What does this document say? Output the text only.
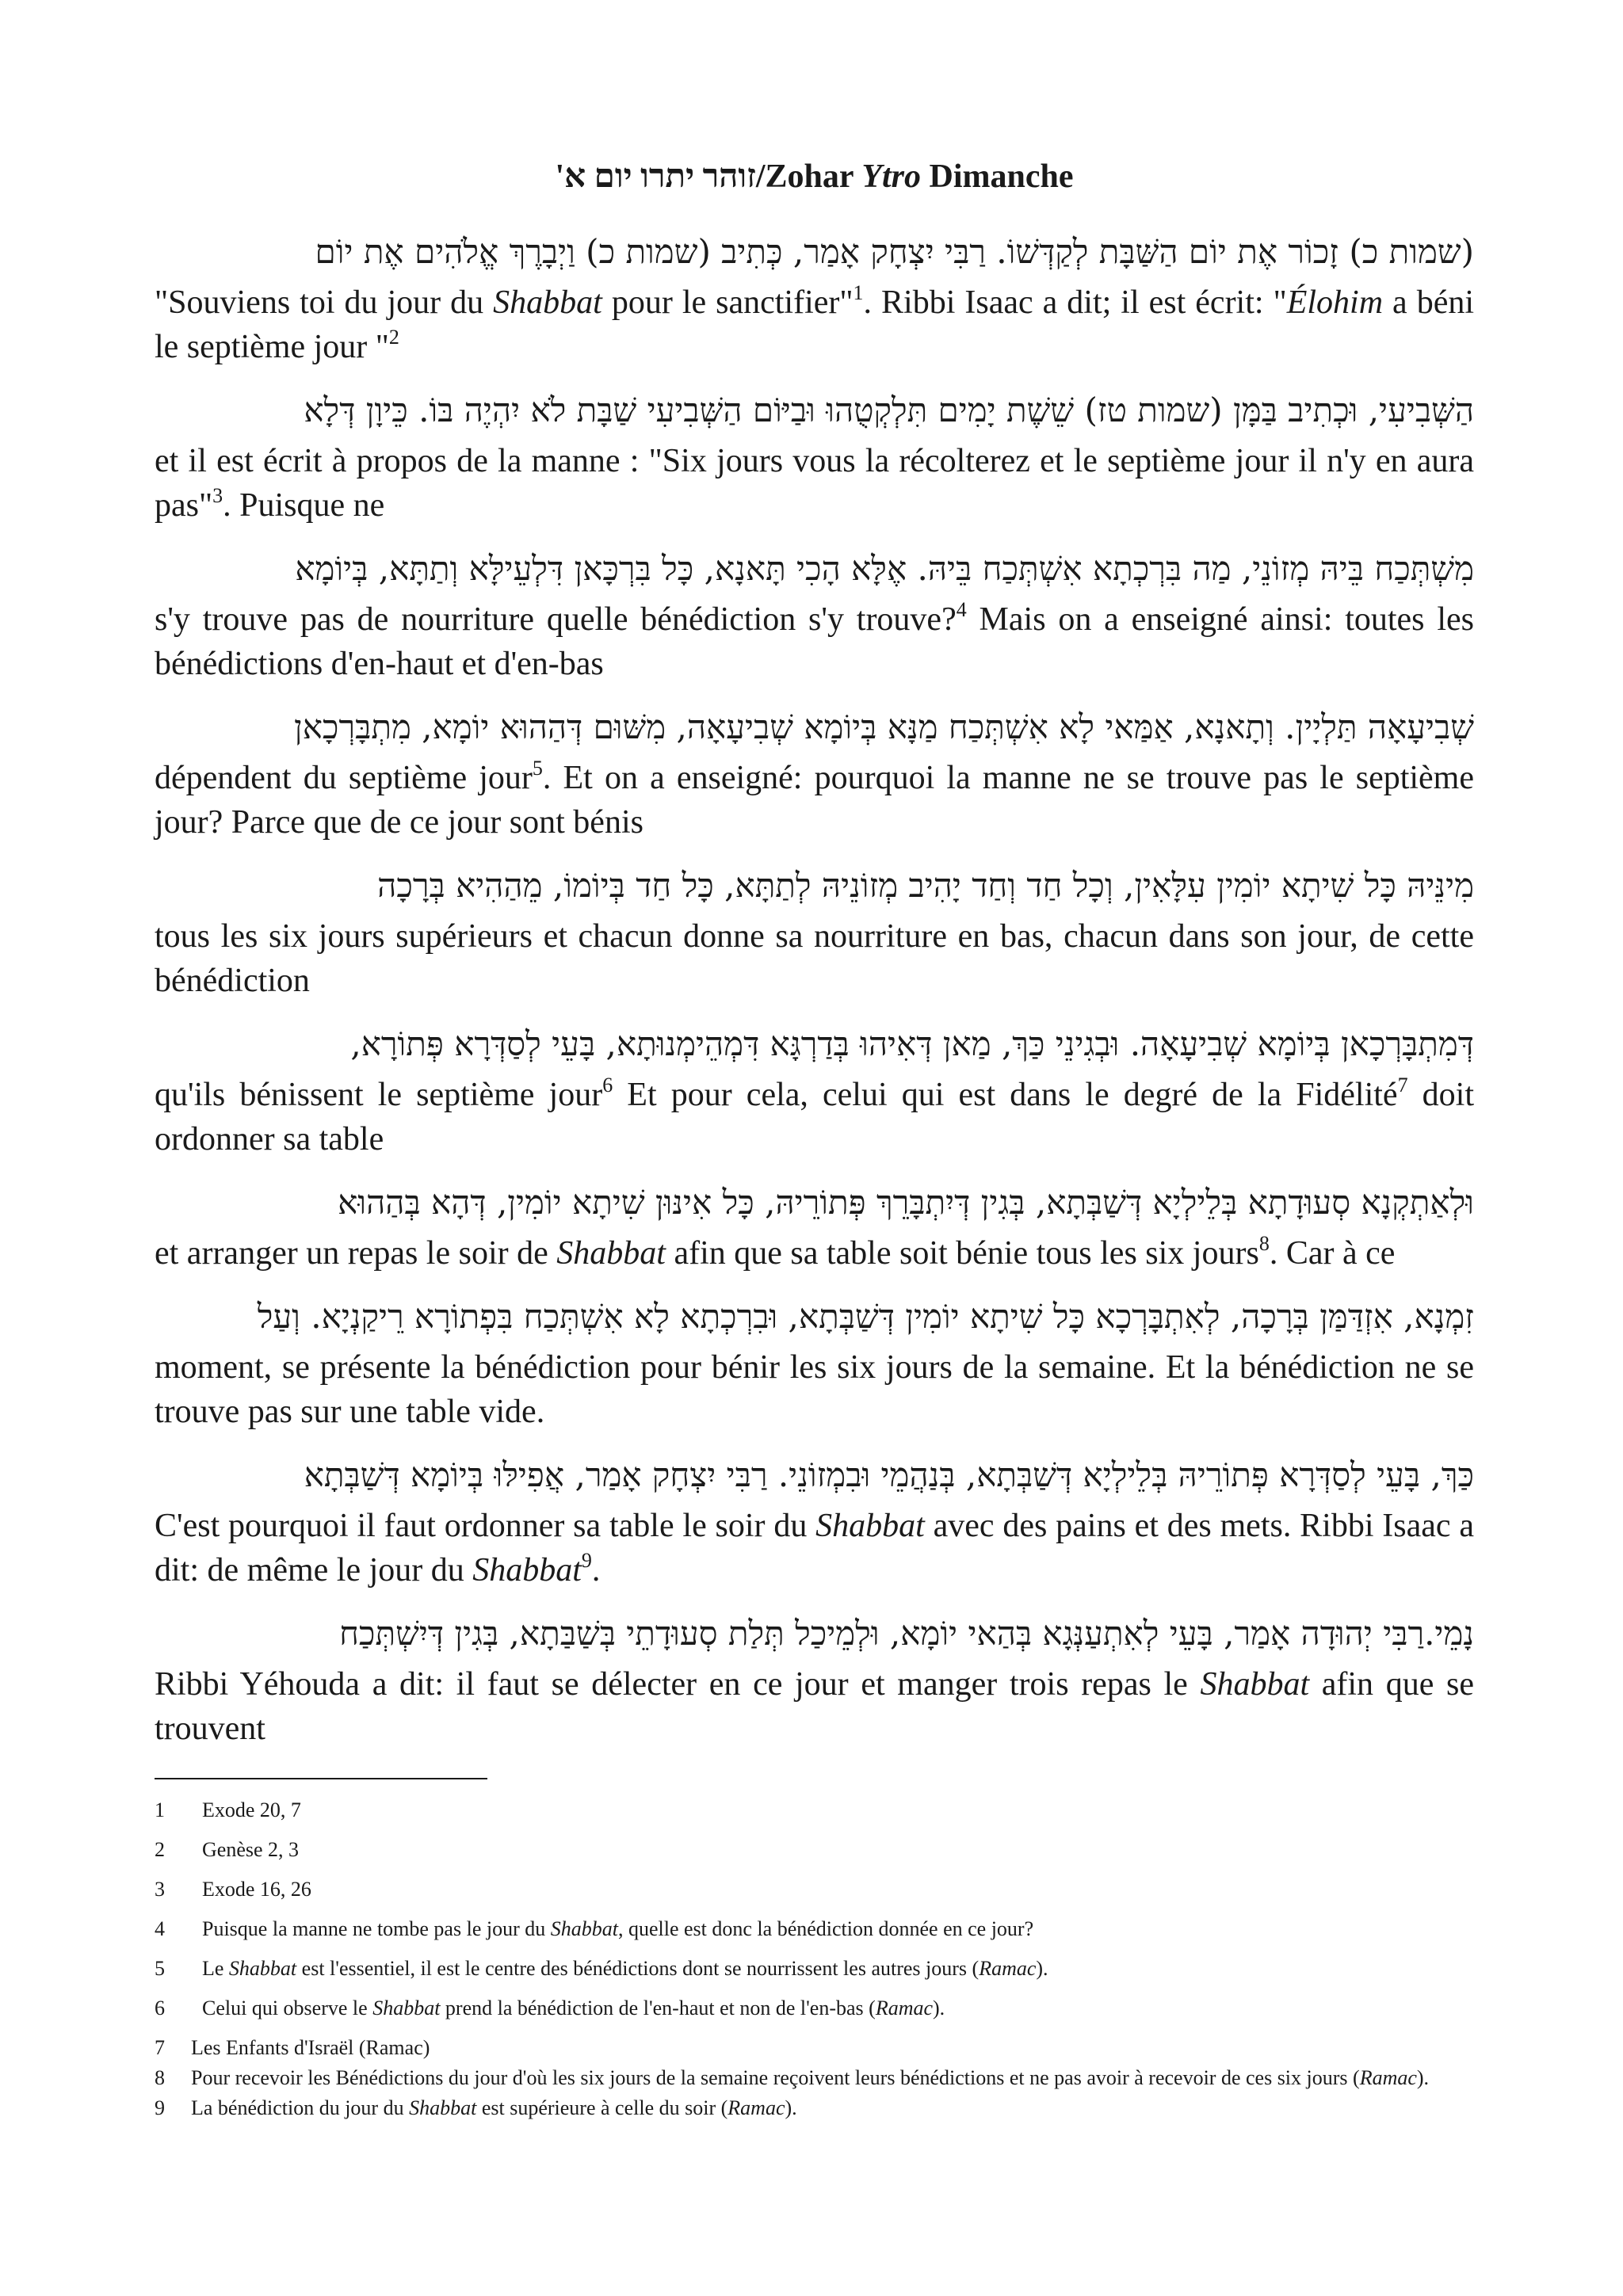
זוהר יתרו יום א'/Zohar Ytro Dimanche
(שמות כ) זָכוֹר אֶת יוֹם הַשַּׁבָּת לְקַדְּשׁוֹ. רַבִּי יִצְחָק אָמַר, כְּתִיב (שמות כ) וַיְבָרֶךְ אֱלֹהִים אֶת יוֹם
"Souviens toi du jour du Shabbat pour le sanctifier"$^1$. Ribbi Isaac a dit; il est écrit: "Élohim a béni le septième jour "$^2$
הַשְּׁבִיעִי, וּכְתִיב בַּמָּן (שמות טז) שֵׁשֶׁת יָמִים תִּלְקְטֻהוּ וּבַיּוֹם הַשְּׁבִיעִי שַׁבָּת לֹא יִהְיֶה בּוֹ. כֵּיוָן דְּלָא
et il est écrit à propos de la manne : "Six jours vous la récolterez et le septième jour il n'y en aura pas"$^3$. Puisque ne
מִשְׁתְּכַח בֵּיהּ מְזוֹנֵי, מַה בִּרְכְתָא אִשְׁתְּכַח בֵּיהּ. אֶלָּא הָכִי תָּאנָא, כָּל בִּרְכָּאן דִּלְעֵילָּא וְתַתָּא, בְּיוֹמָא
s'y trouve pas de nourriture quelle bénédiction s'y trouve?$^4$ Mais on a enseigné ainsi: toutes les bénédictions d'en-haut et d'en-bas
שְׁבִיעָאָה תַּלְיָין. וְתָאנָא, אַמַּאי לָא אִשְׁתְּכַח מַנָּא בְּיוֹמָא שְׁבִיעָאָה, מִשּׁוּם דְּהַהוּא יוֹמָא, מִתְבָּרְכָאן
dépendent du septième jour$^5$. Et on a enseigné: pourquoi la manne ne se trouve pas le septième jour? Parce que de ce jour sont bénis
מִינֵּיהּ כָּל שִׁיתָא יוֹמִין עִלָּאִין, וְכָל חַד וְחַד יָהִיב מְזוֹנֵיהּ לְתַתָּא, כָּל חַד בְּיוֹמוֹ, מֵהַהִיא בְּרָכָה
tous les six jours supérieurs et chacun donne sa nourriture en bas, chacun dans son jour, de cette bénédiction
דְּמִתְבָּרְכָאן בְּיוֹמָא שְׁבִיעָאָה. וּבְגִינֵי כַּךְ, מַאן דְּאִיהוּ בְּדַרְגָּא דִּמְהֵימְנוּתָא, בָּעֵי לְסַדְּרָא פְּתוֹרָא,
qu'ils bénissent le septième jour$^6$ Et pour cela, celui qui est dans le degré de la Fidélité$^7$ doit ordonner sa table
וּלְאַתְקְנָא סְעוּדָתָא בְּלֵילְיָא דְּשַׁבְּתָא, בְּגִין דְּיִתְבָּרֵךְ פְּתוֹרֵיהּ, כָּל אִינּוּן שִׁיתָא יוֹמִין, דְּהָא בְּהַהוּא
et arranger un repas le soir de Shabbat afin que sa table soit bénie tous les six jours$^8$. Car à ce
זִמְנָא, אִזְדַּמַּן בְּרָכָה, לְאִתְבָּרְכָא כָּל שִׁיתָא יוֹמִין דְּשַׁבְּתָא, וּבִרְכְתָא לָא אִשְׁתְּכַח בִּפְתוֹרָא רֵיקַנְיָא. וְעַל
moment, se présente la bénédiction pour bénir les six jours de la semaine. Et la bénédiction ne se trouve pas sur une table vide.
כַּךְ, בָּעֵי לְסַדְּרָא פְּתוֹרֵיהּ בְּלֵילְיָא דְּשַׁבְּתָא, בְּנַהֲמֵי וּבִמְזוֹנֵי. רַבִּי יִצְחָק אָמַר, אֲפִילּוּ בְּיוֹמָא דְּשַׁבְּתָא
C'est pourquoi il faut ordonner sa table le soir du Shabbat avec des pains et des mets. Ribbi Isaac a dit: de même le jour du Shabbat$^9$.
נָמֵי.רַבִּי יְהוּדָה אָמַר, בָּעֵי לְאִתְעַנְּגָא בְּהַאי יוֹמָא, וּלְמֵיכַל תְּלַת סְעוּדָתֵי בְּשַׁבַּתָא, בְּגִין דְּיִשְׁתְּכַח
Ribbi Yéhouda a dit: il faut se délecter en ce jour et manger trois repas le Shabbat afin que se trouvent
1	Exode 20, 7
2	Genèse 2, 3
3	Exode 16, 26
4	Puisque la manne ne tombe pas le jour du Shabbat, quelle est donc la bénédiction donnée en ce jour?
5	Le Shabbat est l'essentiel, il est le centre des bénédictions dont se nourrissent les autres jours (Ramac).
6	Celui qui observe le Shabbat prend la bénédiction de l'en-haut et non de l'en-bas (Ramac).
7	Les Enfants d'Israël (Ramac)
8	Pour recevoir les Bénédictions du jour d'où les six jours de la semaine reçoivent leurs bénédictions et ne pas avoir à recevoir de ces six jours (Ramac).
9	La bénédiction du jour du Shabbat est supérieure à celle du soir (Ramac).
